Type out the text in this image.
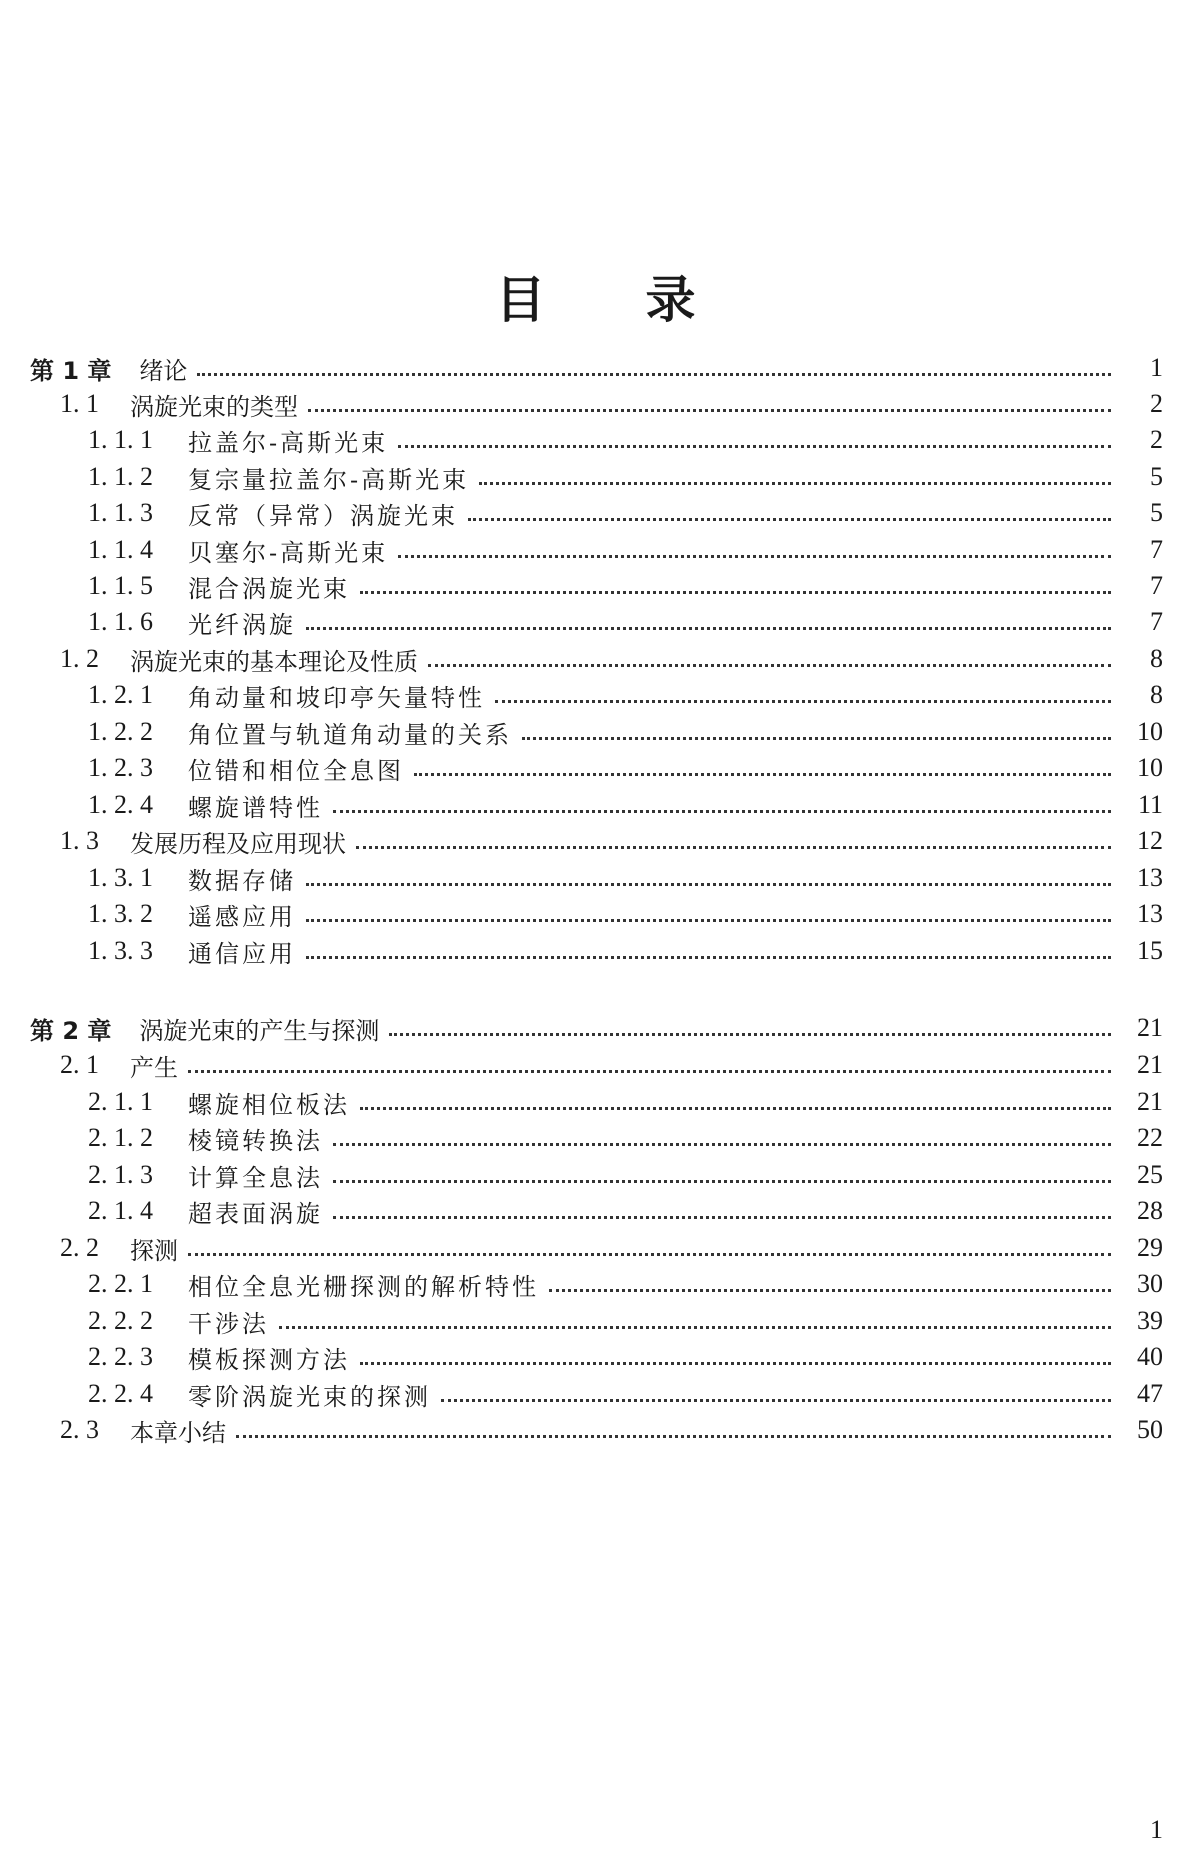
目录
第 1 章	绪论	1
1. 1	涡旋光束的类型	2
1. 1. 1	拉盖尔-高斯光束	2
1. 1. 2	复宗量拉盖尔-高斯光束	5
1. 1. 3	反常（异常）涡旋光束	5
1. 1. 4	贝塞尔-高斯光束	7
1. 1. 5	混合涡旋光束	7
1. 1. 6	光纤涡旋	7
1. 2	涡旋光束的基本理论及性质	8
1. 2. 1	角动量和坡印亭矢量特性	8
1. 2. 2	角位置与轨道角动量的关系	10
1. 2. 3	位错和相位全息图	10
1. 2. 4	螺旋谱特性	11
1. 3	发展历程及应用现状	12
1. 3. 1	数据存储	13
1. 3. 2	遥感应用	13
1. 3. 3	通信应用	15
第 2 章	涡旋光束的产生与探测	21
2. 1	产生	21
2. 1. 1	螺旋相位板法	21
2. 1. 2	棱镜转换法	22
2. 1. 3	计算全息法	25
2. 1. 4	超表面涡旋	28
2. 2	探测	29
2. 2. 1	相位全息光栅探测的解析特性	30
2. 2. 2	干涉法	39
2. 2. 3	模板探测方法	40
2. 2. 4	零阶涡旋光束的探测	47
2. 3	本章小结	50
1
